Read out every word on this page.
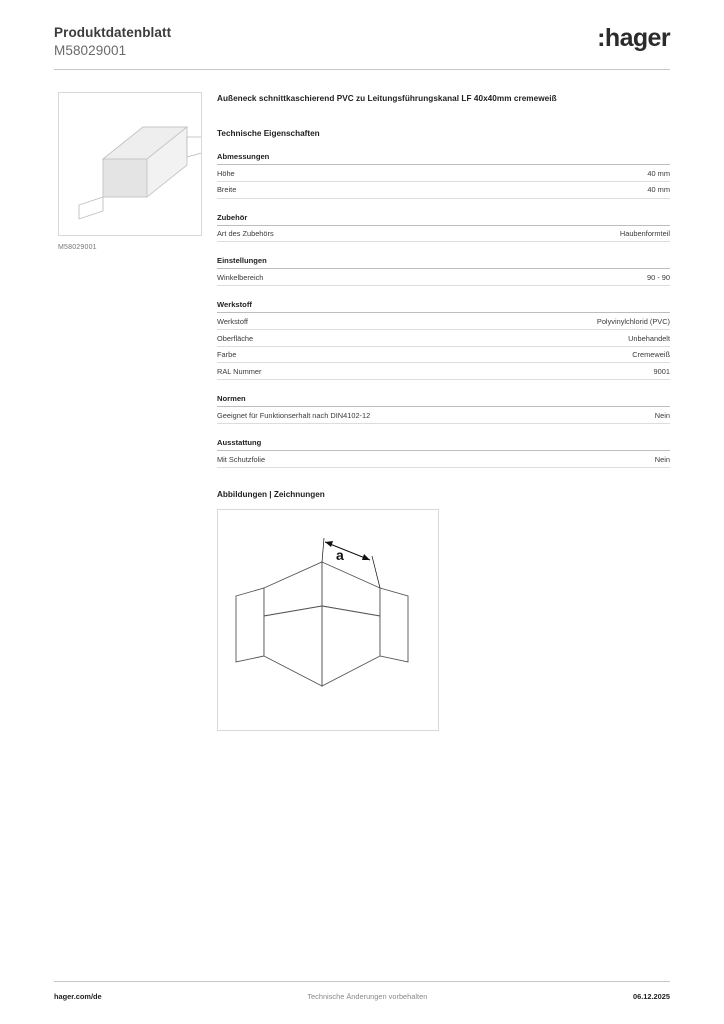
Produktdatenblatt
M58029001	:hager
M58029001
Außeneck schnittkaschierend PVC zu Leitungsführungskanal LF 40x40mm cremeweiß
Technische Eigenschaften
Abmessungen
Höhe	40 mm
Breite	40 mm
Zubehör
Art des Zubehörs	Haubenformteil
Einstellungen
Winkelbereich	90 - 90
Werkstoff
Werkstoff	Polyvinylchlorid (PVC)
Oberfläche	Unbehandelt
Farbe	Cremeweiß
RAL Nummer	9001
Normen
Geeignet für Funktionserhalt nach DIN4102-12	Nein
Ausstattung
Mit Schutzfolie	Nein
Abbildungen | Zeichnungen
a
hager.com/de	Technische Änderungen vorbehalten	06.12.2025
